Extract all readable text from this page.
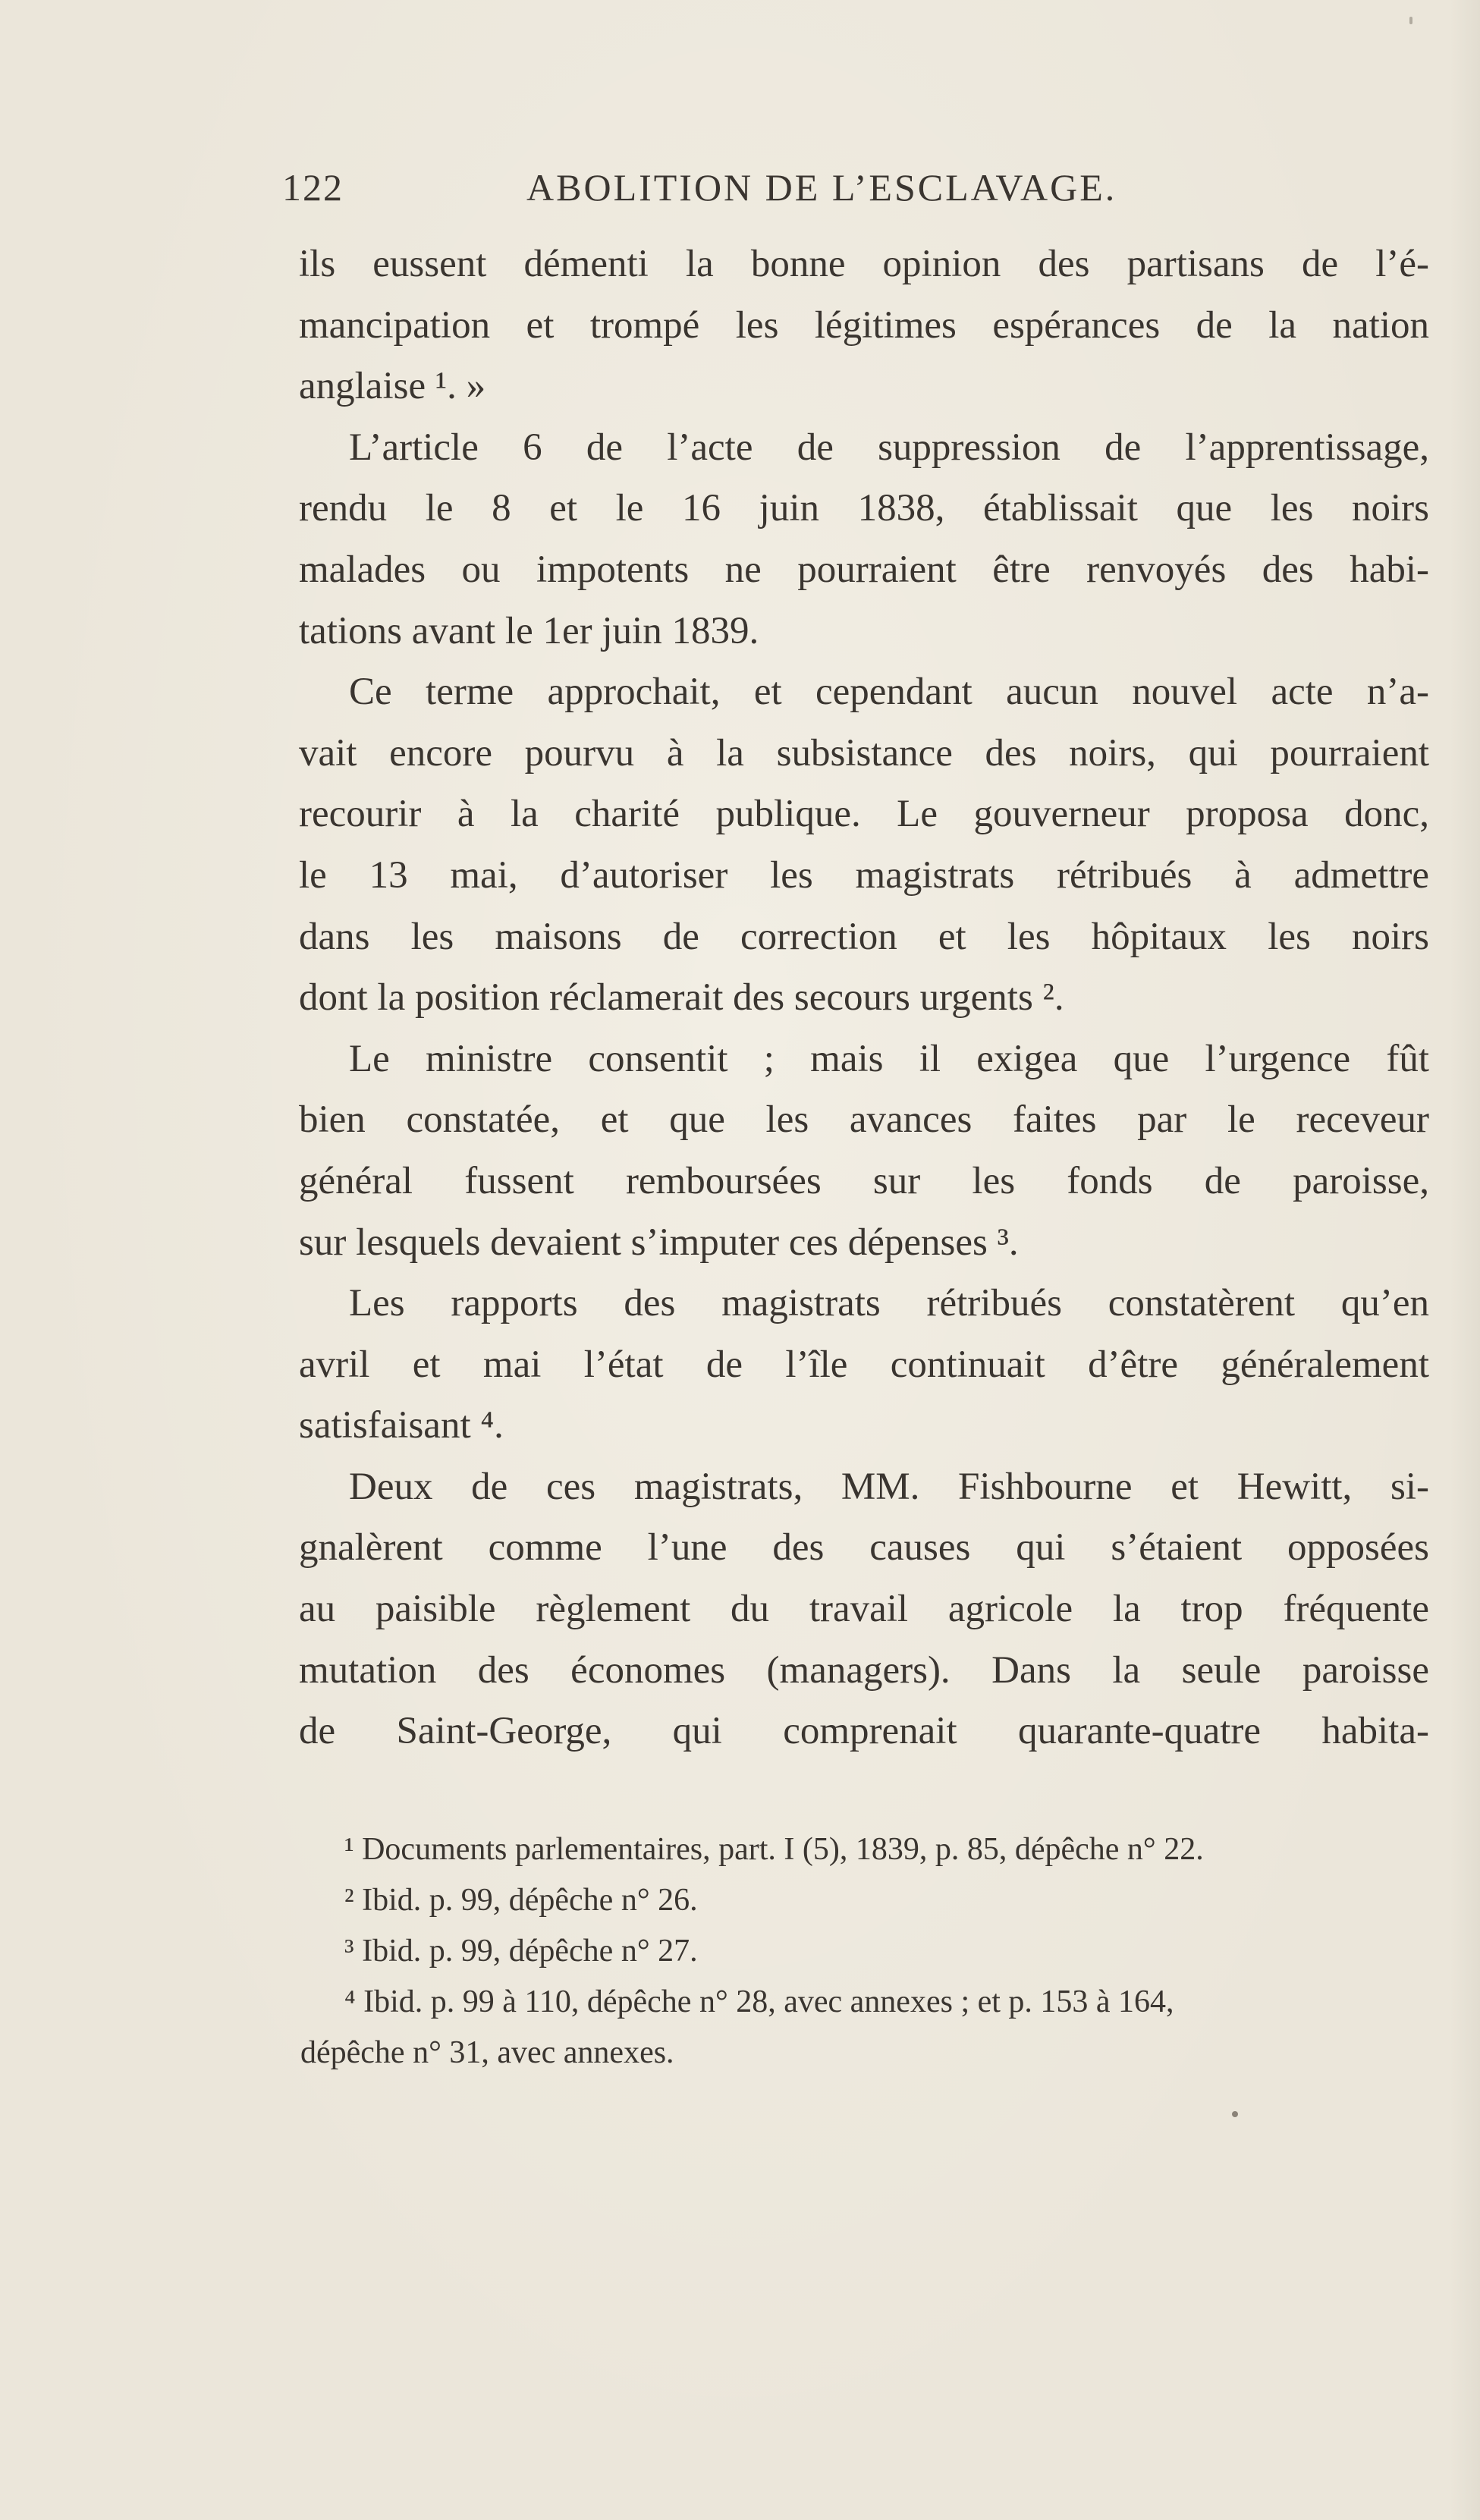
122	ABOLITION DE L’ESCLAVAGE.
ils eussent démenti la bonne opinion des partisans de l’é-
mancipation et trompé les légitimes espérances de la nation
anglaise ¹. »
L’article 6 de l’acte de suppression de l’apprentissage,
rendu le 8 et le 16 juin 1838, établissait que les noirs
malades ou impotents ne pourraient être renvoyés des habi-
tations avant le 1er juin 1839.
Ce terme approchait, et cependant aucun nouvel acte n’a-
vait encore pourvu à la subsistance des noirs, qui pourraient
recourir à la charité publique. Le gouverneur proposa donc,
le 13 mai, d’autoriser les magistrats rétribués à admettre
dans les maisons de correction et les hôpitaux les noirs
dont la position réclamerait des secours urgents ².
Le ministre consentit ; mais il exigea que l’urgence fût
bien constatée, et que les avances faites par le receveur
général fussent remboursées sur les fonds de paroisse,
sur lesquels devaient s’imputer ces dépenses ³.
Les rapports des magistrats rétribués constatèrent qu’en
avril et mai l’état de l’île continuait d’être généralement
satisfaisant ⁴.
Deux de ces magistrats, MM. Fishbourne et Hewitt, si-
gnalèrent comme l’une des causes qui s’étaient opposées
au paisible règlement du travail agricole la trop fréquente
mutation des économes (managers). Dans la seule paroisse
de Saint-George, qui comprenait quarante-quatre habita-
¹ Documents parlementaires, part. I (5), 1839, p. 85, dépêche n° 22.
² Ibid. p. 99, dépêche n° 26.
³ Ibid. p. 99, dépêche n° 27.
⁴ Ibid. p. 99 à 110, dépêche n° 28, avec annexes ; et p. 153 à 164,
dépêche n° 31, avec annexes.
